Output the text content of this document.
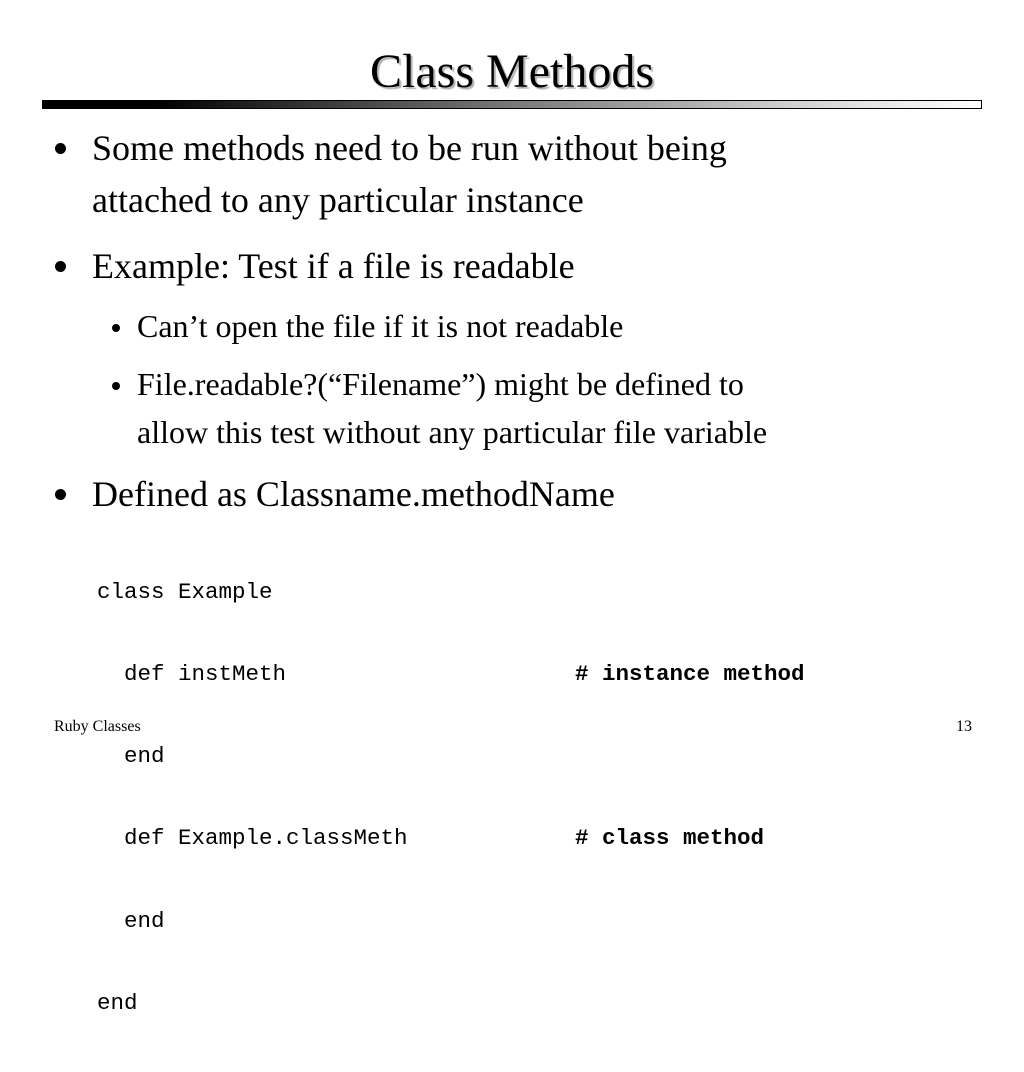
Class Methods
Some methods need to be run without being
attached to any particular instance
Example: Test if a file is readable
Can’t open the file if it is not readable
File.readable?(“Filename”) might be defined to
allow this test without any particular file variable
Defined as Classname.methodName

class Example

def instMeth	# instance method

end

def Example.classMeth	# class method

end

end

Ruby Classes	13
